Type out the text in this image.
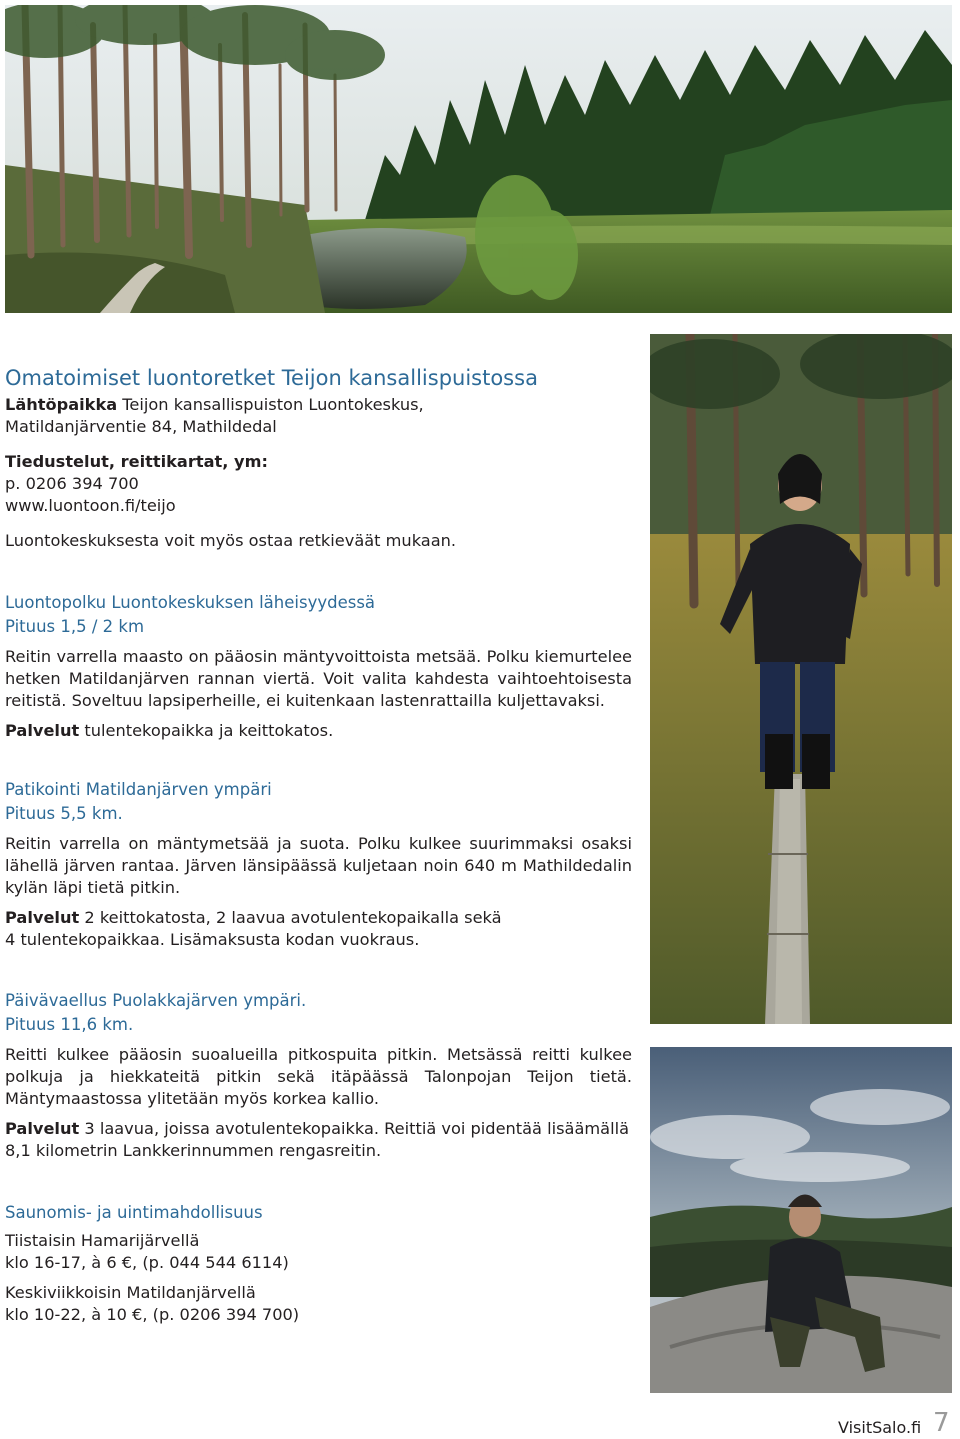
Omatoimiset luontoretket Teijon kansallispuistossa
Lähtöpaikka Teijon kansallispuiston Luontokeskus,
Matildanjärventie 84, Mathildedal
Tiedustelut, reittikartat, ym:
p. 0206 394 700
www.luontoon.fi/teijo
Luontokeskuksesta voit myös ostaa retkieväät mukaan.
Luontopolku Luontokeskuksen läheisyydessä
Pituus 1,5 / 2 km
Reitin varrella maasto on pääosin mäntyvoittoista metsää. Polku kiemurtelee
hetken Matildanjärven rannan viertä. Voit valita kahdesta vaihtoehtoisesta
reitistä. Soveltuu lapsiperheille, ei kuitenkaan lastenrattailla kuljettavaksi.
Palvelut tulentekopaikka ja keittokatos.
Patikointi Matildanjärven ympäri
Pituus 5,5 km.
Reitin varrella on mäntymetsää ja suota. Polku kulkee suurimmaksi osaksi
lähellä järven rantaa. Järven länsipäässä kuljetaan noin 640 m Mathildedalin
kylän läpi tietä pitkin.
Palvelut 2 keittokatosta, 2 laavua avotulentekopaikalla sekä
4 tulentekopaikkaa. Lisämaksusta kodan vuokraus.
Päivävaellus Puolakkajärven ympäri.
Pituus 11,6 km.
Reitti kulkee pääosin suoalueilla pitkospuita pitkin. Metsässä reitti kulkee
polkuja ja hiekkateitä pitkin sekä itäpäässä Talonpojan Teijon tietä.
Mäntymaastossa ylitetään myös korkea kallio.
Palvelut 3 laavua, joissa avotulentekopaikka. Reittiä voi pidentää lisäämällä
8,1 kilometrin Lankkerinnummen rengasreitin.
Saunomis- ja uintimahdollisuus
Tiistaisin Hamarijärvellä
klo 16-17, à 6 €, (p. 044 544 6114)
Keskiviikkoisin Matildanjärvellä
klo 10-22, à 10 €, (p. 0206 394 700)
VisitSalo.fi 7
